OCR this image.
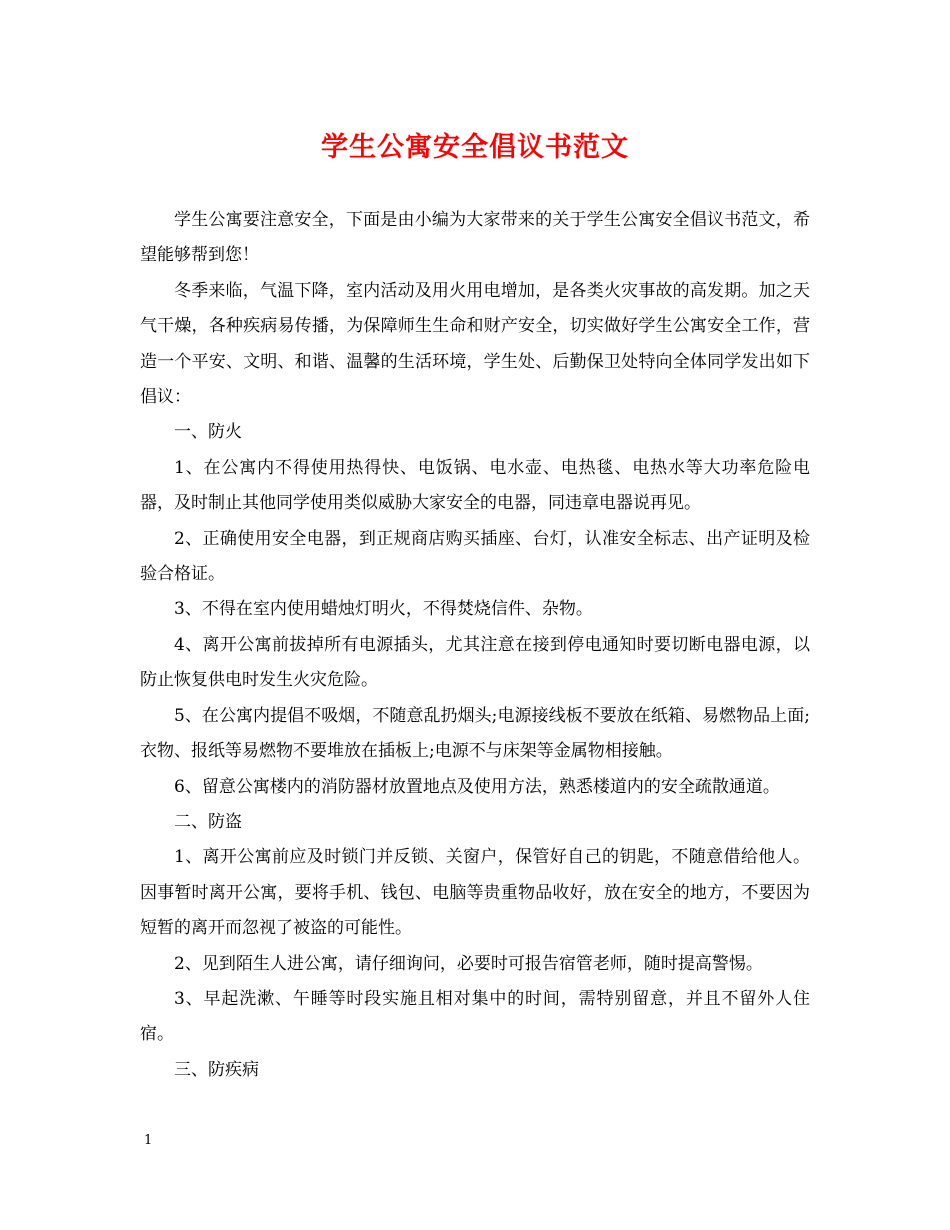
学生公寓安全倡议书范文

学生公寓要注意安全，下面是由小编为大家带来的关于学生公寓安全倡议书范文，希望能够帮到您！

冬季来临，气温下降，室内活动及用火用电增加，是各类火灾事故的高发期。加之天气干燥，各种疾病易传播，为保障师生生命和财产安全，切实做好学生公寓安全工作，营造一个平安、文明、和谐、温馨的生活环境，学生处、后勤保卫处特向全体同学发出如下倡议：

一、防火

1、在公寓内不得使用热得快、电饭锅、电水壶、电热毯、电热水等大功率危险电器，及时制止其他同学使用类似威胁大家安全的电器，同违章电器说再见。

2、正确使用安全电器，到正规商店购买插座、台灯，认准安全标志、出产证明及检验合格证。

3、不得在室内使用蜡烛灯明火，不得焚烧信件、杂物。

4、离开公寓前拔掉所有电源插头，尤其注意在接到停电通知时要切断电器电源，以防止恢复供电时发生火灾危险。

5、在公寓内提倡不吸烟，不随意乱扔烟头;电源接线板不要放在纸箱、易燃物品上面;衣物、报纸等易燃物不要堆放在插板上;电源不与床架等金属物相接触。

6、留意公寓楼内的消防器材放置地点及使用方法，熟悉楼道内的安全疏散通道。

二、防盗

1、离开公寓前应及时锁门并反锁、关窗户，保管好自己的钥匙，不随意借给他人。因事暂时离开公寓，要将手机、钱包、电脑等贵重物品收好，放在安全的地方，不要因为短暂的离开而忽视了被盗的可能性。

2、见到陌生人进公寓，请仔细询问，必要时可报告宿管老师，随时提高警惕。

3、早起洗漱、午睡等时段实施且相对集中的时间，需特别留意，并且不留外人住宿。

三、防疾病

1
